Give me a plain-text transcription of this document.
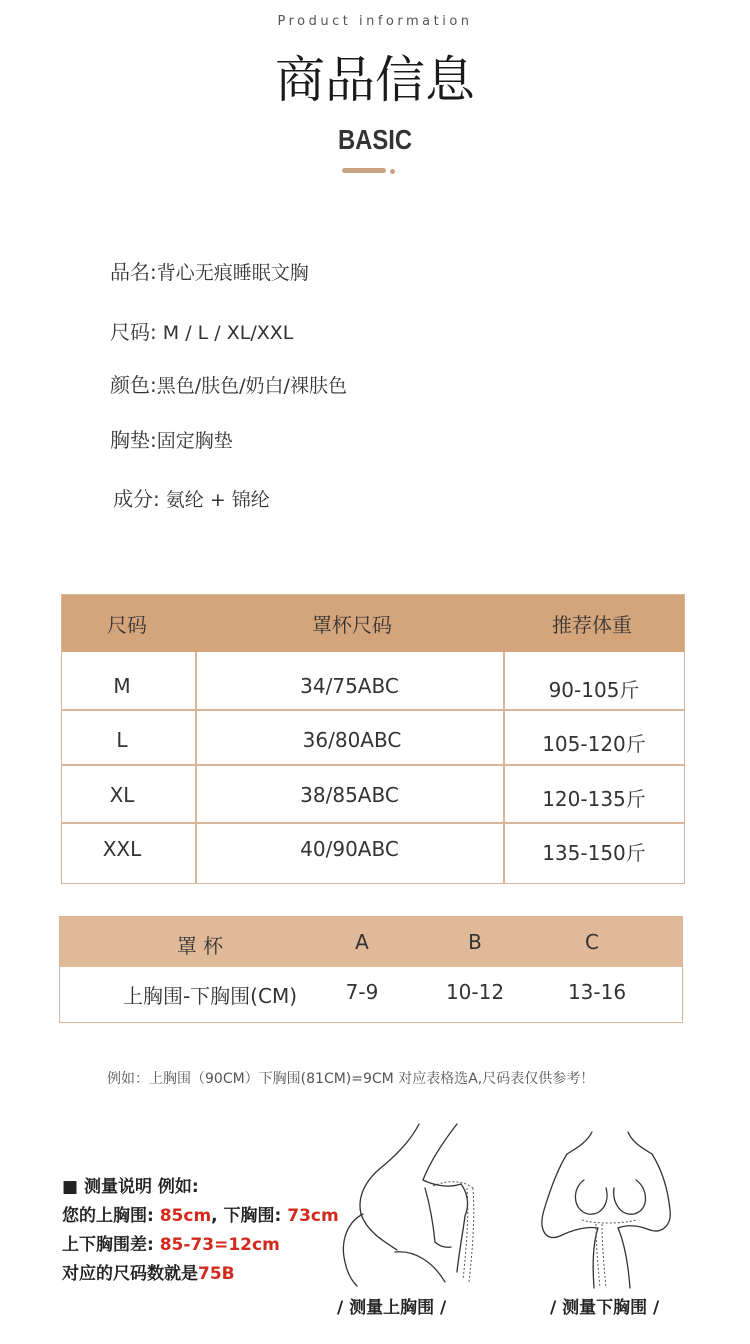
Product information
商品信息
BASIC
品名:背心无痕睡眠文胸
尺码: M / L / XL/XXL
颜色:黑色/肤色/奶白/裸肤色
胸垫:固定胸垫
成分: 氨纶 + 锦纶
尺码	罩杯尺码	推荐体重
M	34/75ABC	90-105斤
L	36/80ABC	105-120斤
XL	38/85ABC	120-135斤
XXL	40/90ABC	135-150斤
罩 杯	A	B	C
上胸围-下胸围(CM)	7-9	10-12	13-16
例如：上胸围（90CM）下胸围(81CM)=9CM 对应表格选A,尺码表仅供参考！
■ 测量说明 例如:
您的上胸围: 85cm, 下胸围: 73cm
上下胸围差: 85-73=12cm
对应的尺码数就是75B
/ 测量上胸围 /	/ 测量下胸围 /
